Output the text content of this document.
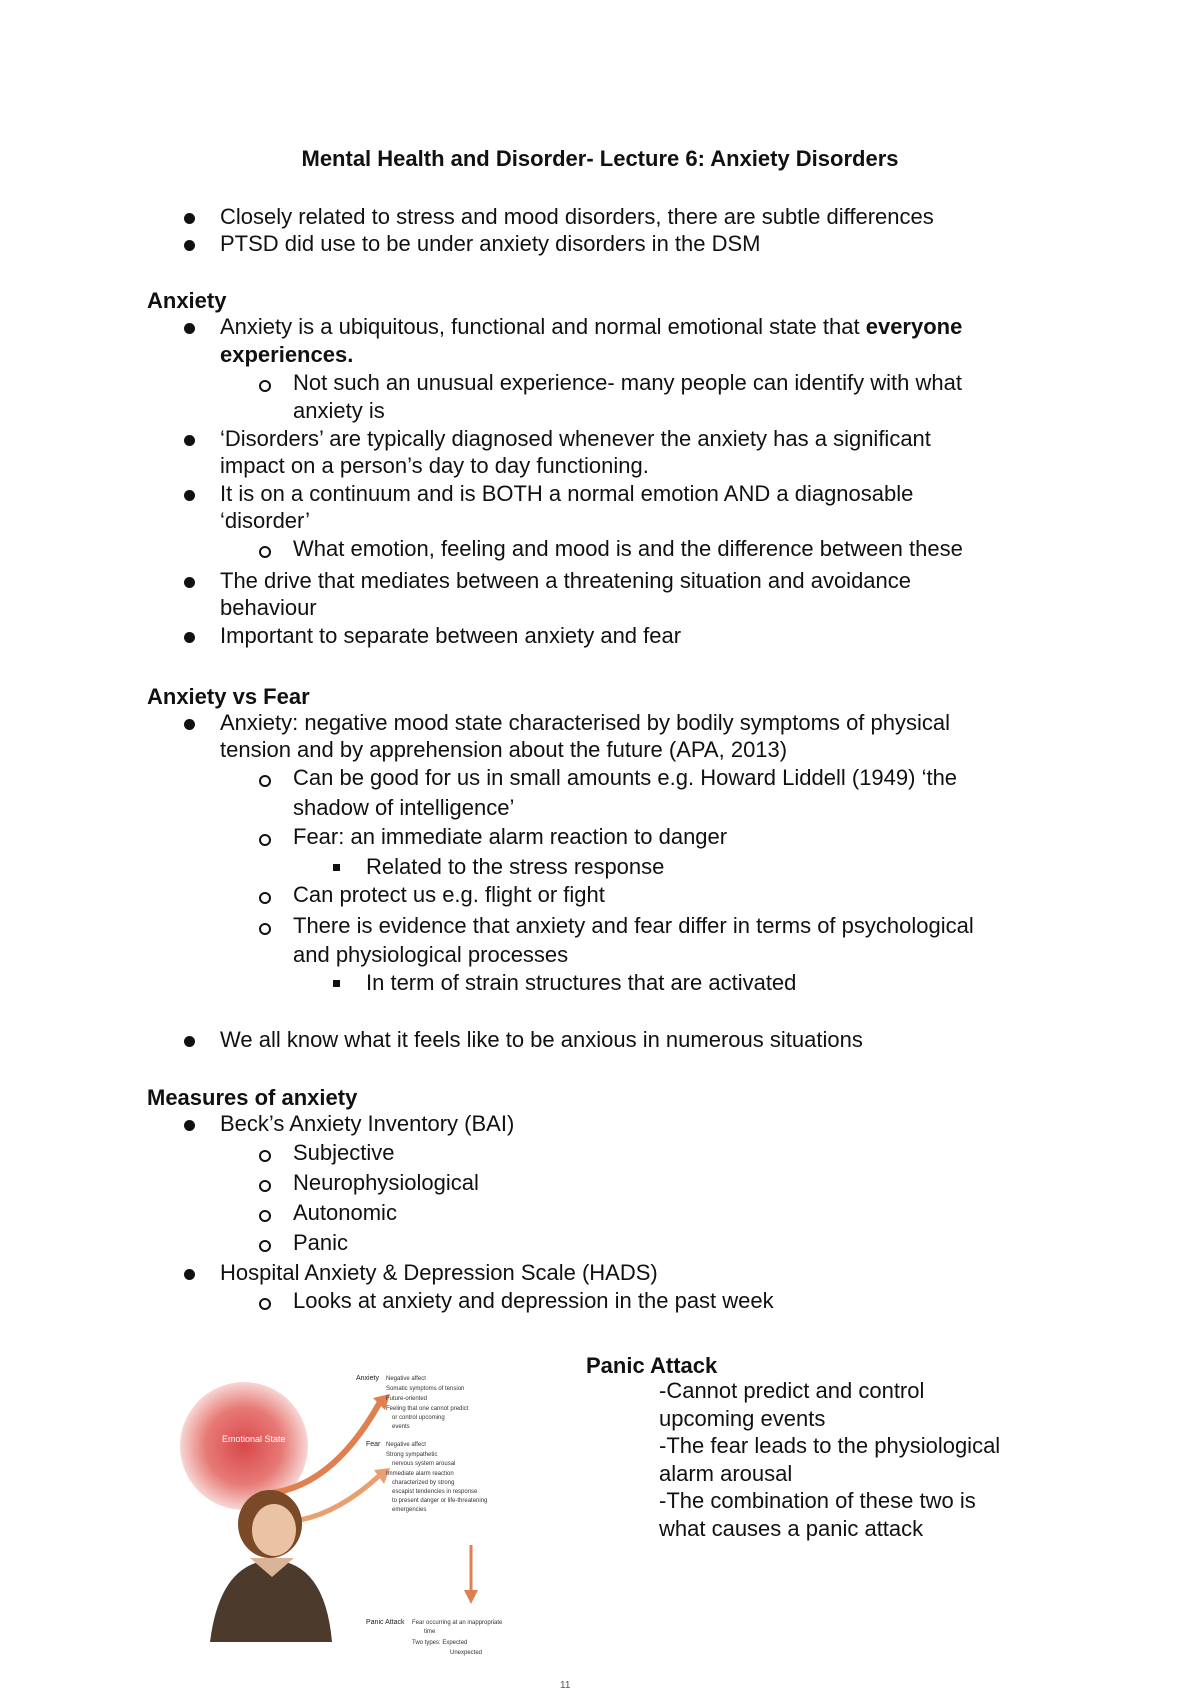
Mental Health and Disorder- Lecture 6: Anxiety Disorders
Closely related to stress and mood disorders, there are subtle differences
PTSD did use to be under anxiety disorders in the DSM
Anxiety
Anxiety is a ubiquitous, functional and normal emotional state that everyone
experiences.
Not such an unusual experience- many people can identify with what
anxiety is
‘Disorders’ are typically diagnosed whenever the anxiety has a significant
impact on a person’s day to day functioning.
It is on a continuum and is BOTH a normal emotion AND a diagnosable
‘disorder’
What emotion, feeling and mood is and the difference between these
The drive that mediates between a threatening situation and avoidance
behaviour
Important to separate between anxiety and fear
Anxiety vs Fear
Anxiety: negative mood state characterised by bodily symptoms of physical
tension and by apprehension about the future (APA, 2013)
Can be good for us in small amounts e.g. Howard Liddell (1949) ‘the
shadow of intelligence’
Fear: an immediate alarm reaction to danger
Related to the stress response
Can protect us e.g. flight or fight
There is evidence that anxiety and fear differ in terms of psychological
and physiological processes
In term of strain structures that are activated
We all know what it feels like to be anxious in numerous situations
Measures of anxiety
Beck’s Anxiety Inventory (BAI)
Subjective
Neurophysiological
Autonomic
Panic
Hospital Anxiety & Depression Scale (HADS)
Looks at anxiety and depression in the past week
Emotional State
Anxiety Negative affect
Somatic symptoms of tension
Future-oriented
Feeling that one cannot predict
or control upcoming
events
Fear Negative affect
Strong sympathetic
nervous system arousal
Immediate alarm reaction
characterized by strong
escapist tendencies in response
to present danger or life-threatening
emergencies
Panic Attack Fear occurring at an inappropriate
time
Two types: Expected
Unexpected
Panic Attack
-Cannot predict and control
upcoming events
-The fear leads to the physiological
alarm arousal
-The combination of these two is
what causes a panic attack
11
